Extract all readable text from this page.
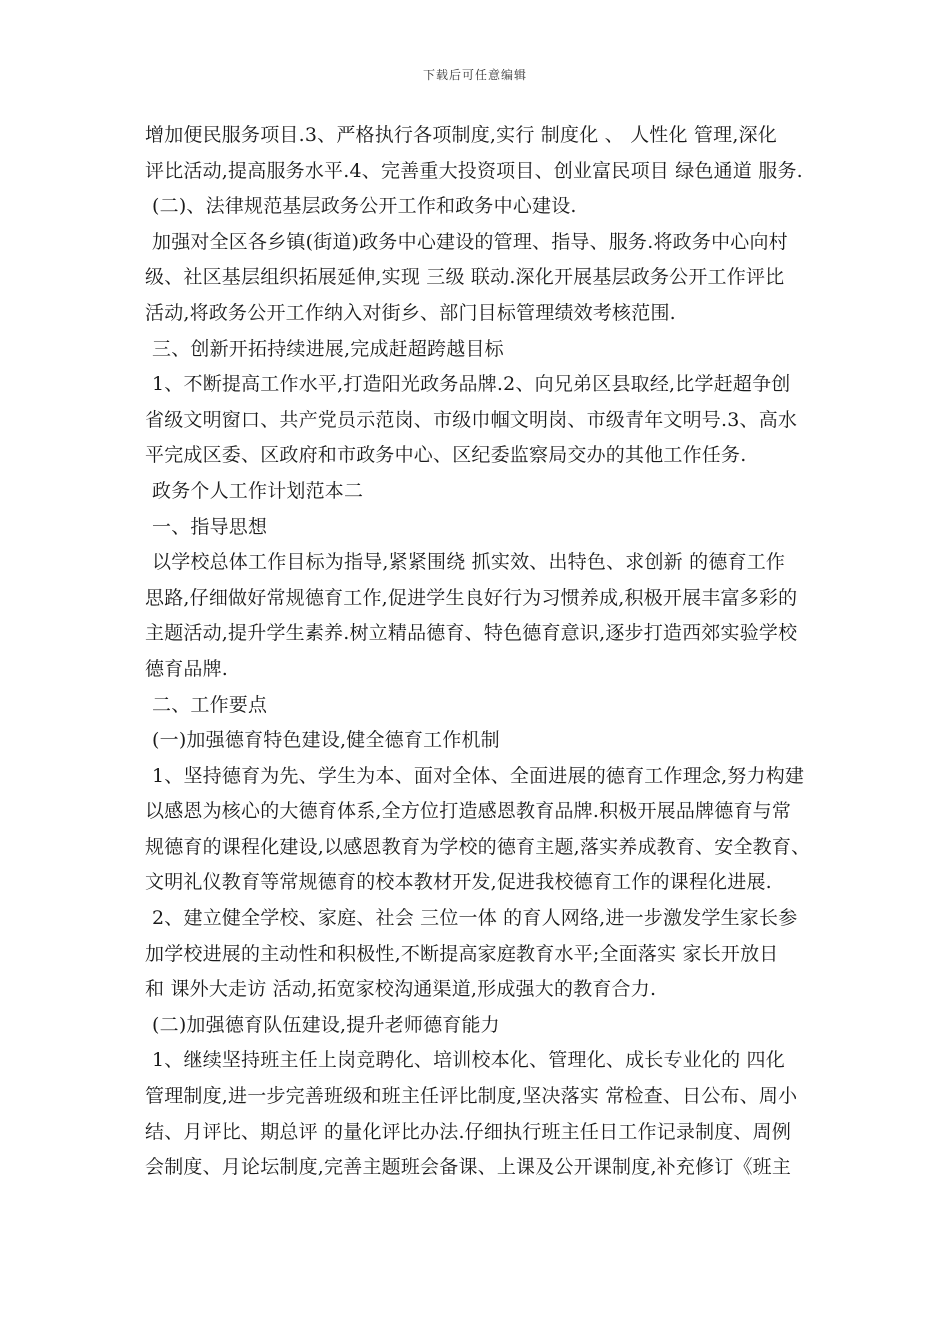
下载后可任意编辑
增加便民服务项目.3、严格执行各项制度,实行 制度化 、 人性化 管理,深化
评比活动,提高服务水平.4、完善重大投资项目、创业富民项目 绿色通道 服务.
(二)、法律规范基层政务公开工作和政务中心建设.
加强对全区各乡镇(街道)政务中心建设的管理、指导、服务.将政务中心向村
级、社区基层组织拓展延伸,实现 三级 联动.深化开展基层政务公开工作评比
活动,将政务公开工作纳入对街乡、部门目标管理绩效考核范围.
三、创新开拓持续进展,完成赶超跨越目标
1、不断提高工作水平,打造阳光政务品牌.2、向兄弟区县取经,比学赶超争创
省级文明窗口、共产党员示范岗、市级巾帼文明岗、市级青年文明号.3、高水
平完成区委、区政府和市政务中心、区纪委监察局交办的其他工作任务.
政务个人工作计划范本二
一、指导思想
以学校总体工作目标为指导,紧紧围绕 抓实效、出特色、求创新 的德育工作
思路,仔细做好常规德育工作,促进学生良好行为习惯养成,积极开展丰富多彩的
主题活动,提升学生素养.树立精品德育、特色德育意识,逐步打造西郊实验学校
德育品牌.
二、工作要点
(一)加强德育特色建设,健全德育工作机制
1、坚持德育为先、学生为本、面对全体、全面进展的德育工作理念,努力构建
以感恩为核心的大德育体系,全方位打造感恩教育品牌.积极开展品牌德育与常
规德育的课程化建设,以感恩教育为学校的德育主题,落实养成教育、安全教育、
文明礼仪教育等常规德育的校本教材开发,促进我校德育工作的课程化进展.
2、建立健全学校、家庭、社会 三位一体 的育人网络,进一步激发学生家长参
加学校进展的主动性和积极性,不断提高家庭教育水平;全面落实 家长开放日
和 课外大走访 活动,拓宽家校沟通渠道,形成强大的教育合力.
(二)加强德育队伍建设,提升老师德育能力
1、继续坚持班主任上岗竞聘化、培训校本化、管理化、成长专业化的 四化
管理制度,进一步完善班级和班主任评比制度,坚决落实 常检查、日公布、周小
结、月评比、期总评 的量化评比办法.仔细执行班主任日工作记录制度、周例
会制度、月论坛制度,完善主题班会备课、上课及公开课制度,补充修订《班主
